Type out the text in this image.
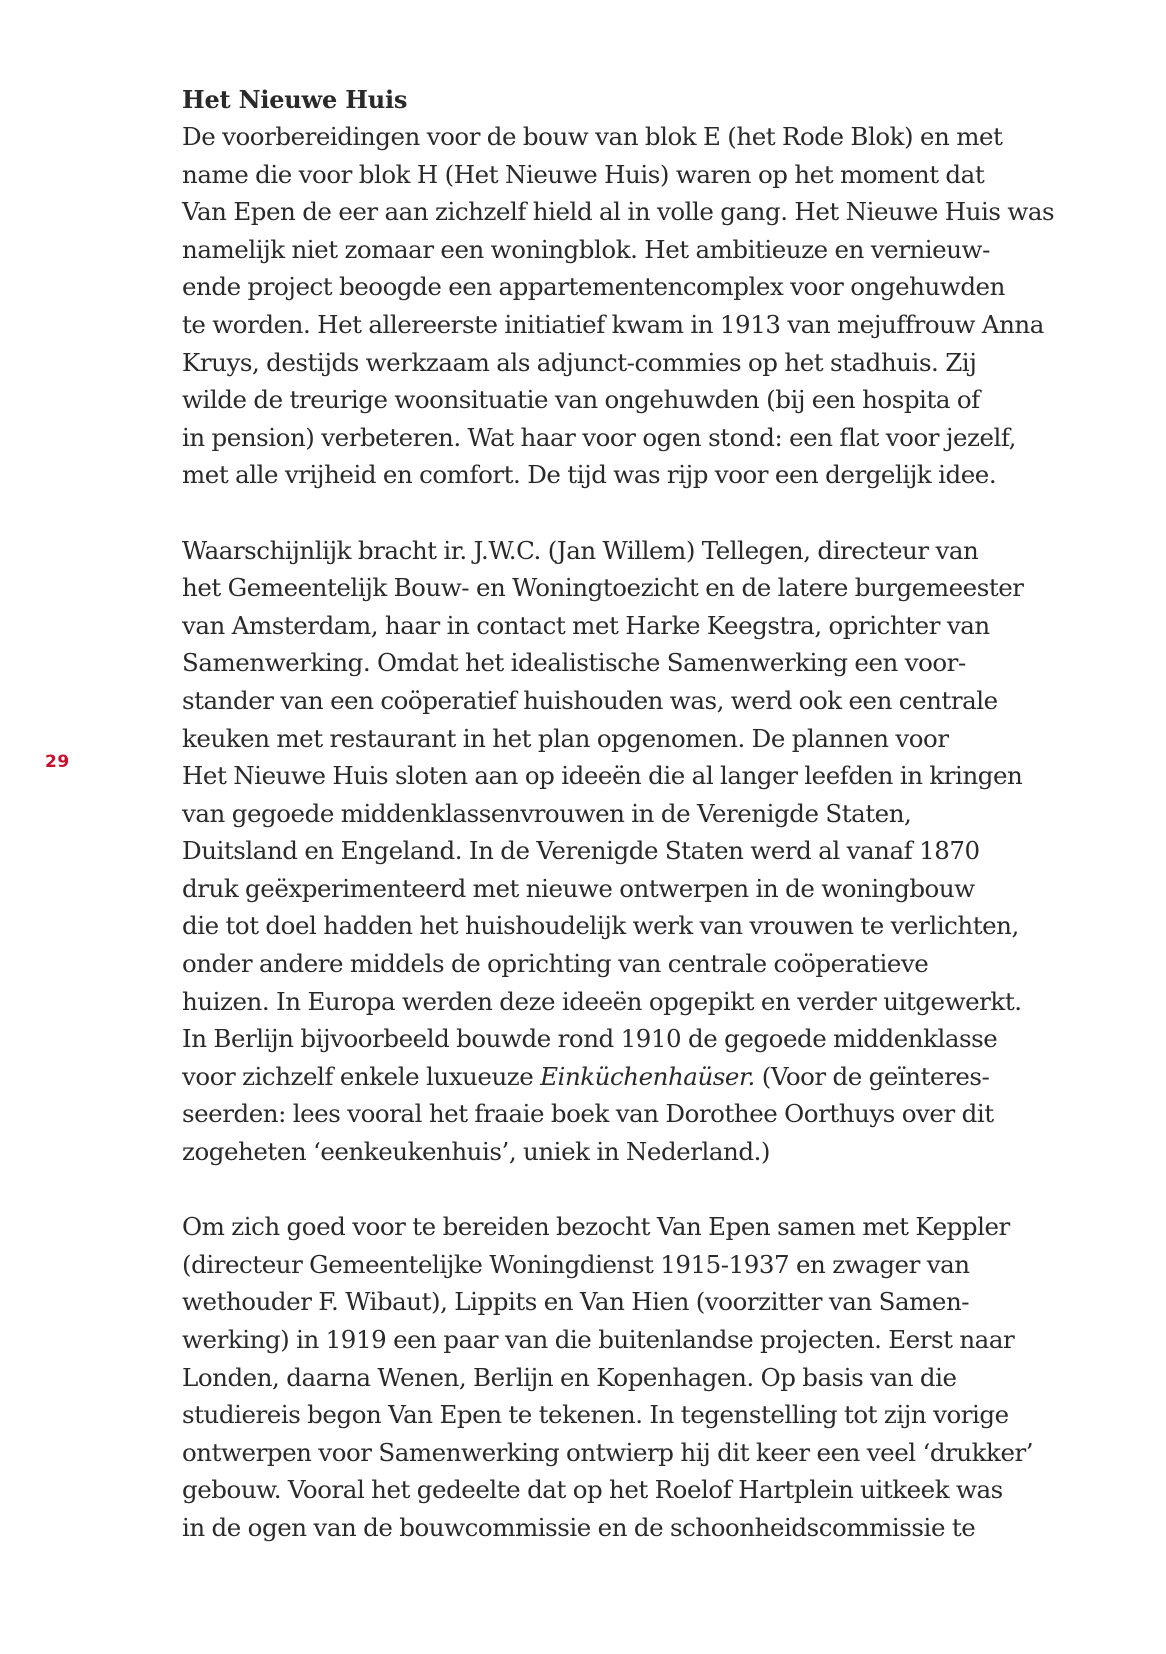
29
Het Nieuwe Huis

De voorbereidingen voor de bouw van blok E (het Rode Blok) en met
name die voor blok H (Het Nieuwe Huis) waren op het moment dat
Van Epen de eer aan zichzelf hield al in volle gang. Het Nieuwe Huis was
namelijk niet zomaar een woningblok. Het ambitieuze en vernieuw-
ende project beoogde een appartementencomplex voor ongehuwden
te worden. Het allereerste initiatief kwam in 1913 van mejuffrouw Anna
Kruys, destijds werkzaam als adjunct-commies op het stadhuis. Zij
wilde de treurige woonsituatie van ongehuwden (bij een hospita of
in pension) verbeteren. Wat haar voor ogen stond: een flat voor jezelf,
met alle vrijheid en comfort. De tijd was rijp voor een dergelijk idee.

Waarschijnlijk bracht ir. J.W.C. (Jan Willem) Tellegen, directeur van
het Gemeentelijk Bouw- en Woningtoezicht en de latere burgemeester
van Amsterdam, haar in contact met Harke Keegstra, oprichter van
Samenwerking. Omdat het idealistische Samenwerking een voor-
stander van een coöperatief huishouden was, werd ook een centrale
keuken met restaurant in het plan opgenomen. De plannen voor
Het Nieuwe Huis sloten aan op ideeën die al langer leefden in kringen
van gegoede middenklassenvrouwen in de Verenigde Staten,
Duitsland en Engeland. In de Verenigde Staten werd al vanaf 1870
druk geëxperimenteerd met nieuwe ontwerpen in de woningbouw
die tot doel hadden het huishoudelijk werk van vrouwen te verlichten,
onder andere middels de oprichting van centrale coöperatieve
huizen. In Europa werden deze ideeën opgepikt en verder uitgewerkt.
In Berlijn bijvoorbeeld bouwde rond 1910 de gegoede middenklasse
voor zichzelf enkele luxueuze Einküchenhaüser. (Voor de geïnteres-
seerden: lees vooral het fraaie boek van Dorothee Oorthuys over dit
zogeheten ‘eenkeukenhuis’, uniek in Nederland.)

Om zich goed voor te bereiden bezocht Van Epen samen met Keppler
(directeur Gemeentelijke Woningdienst 1915-1937 en zwager van
wethouder F. Wibaut), Lippits en Van Hien (voorzitter van Samen-
werking) in 1919 een paar van die buitenlandse projecten. Eerst naar
Londen, daarna Wenen, Berlijn en Kopenhagen. Op basis van die
studiereis begon Van Epen te tekenen. In tegenstelling tot zijn vorige
ontwerpen voor Samenwerking ontwierp hij dit keer een veel ‘drukker’
gebouw. Vooral het gedeelte dat op het Roelof Hartplein uitkeek was
in de ogen van de bouwcommissie en de schoonheidscommissie te
